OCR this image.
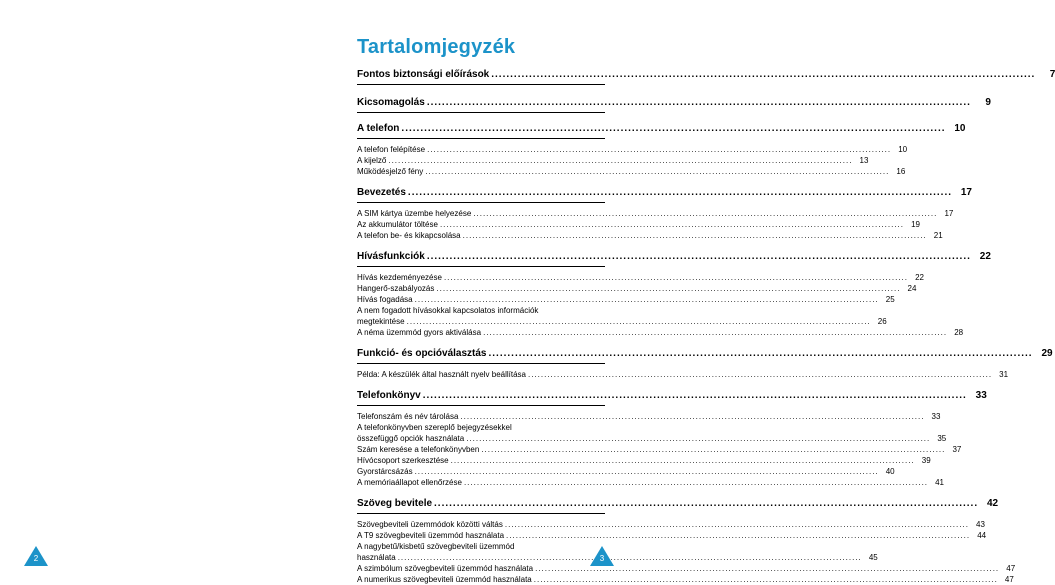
Tartalomjegyzék
Fontos biztonsági előírások .....	7
Kicsomagolás .....	9
A telefon .....	10
A telefon felépítése .....	10
A kijelző .....	13
Működésjelző fény .....	16
Bevezetés .....	17
A SIM kártya üzembe helyezése .....	17
Az akkumulátor töltése .....	19
A telefon be- és kikapcsolása .....	21
Hívásfunkciók .....	22
Hívás kezdeményezése .....	22
Hangerő-szabályozás .....	24
Hívás fogadása .....	25
A nem fogadott hívásokkal kapcsolatos információk
megtekintése .....	26
A néma üzemmód gyors aktiválása .....	28
Funkció- és opcióválasztás .....	29
Példa: A készülék által használt nyelv beállítása .....	31
Telefonkönyv .....	33
Telefonszám és név tárolása .....	33
A telefonkönyvben szereplő bejegyzésekkel
összefüggő opciók használata .....	35
Szám keresése a telefonkönyvben .....	37
Hívócsoport szerkesztése .....	39
Gyorstárcsázás .....	40
A memóriaállapot ellenőrzése .....	41
Szöveg bevitele .....	42
Szövegbeviteli üzemmódok közötti váltás .....	43
A T9 szövegbeviteli üzemmód használata .....	44
A nagybetű/kisbetű szövegbeviteli üzemmód
használata .....	45
A szimbólum szövegbeviteli üzemmód használata .....	47
A numerikus szövegbeviteli üzemmód használata .....	47
2	3
